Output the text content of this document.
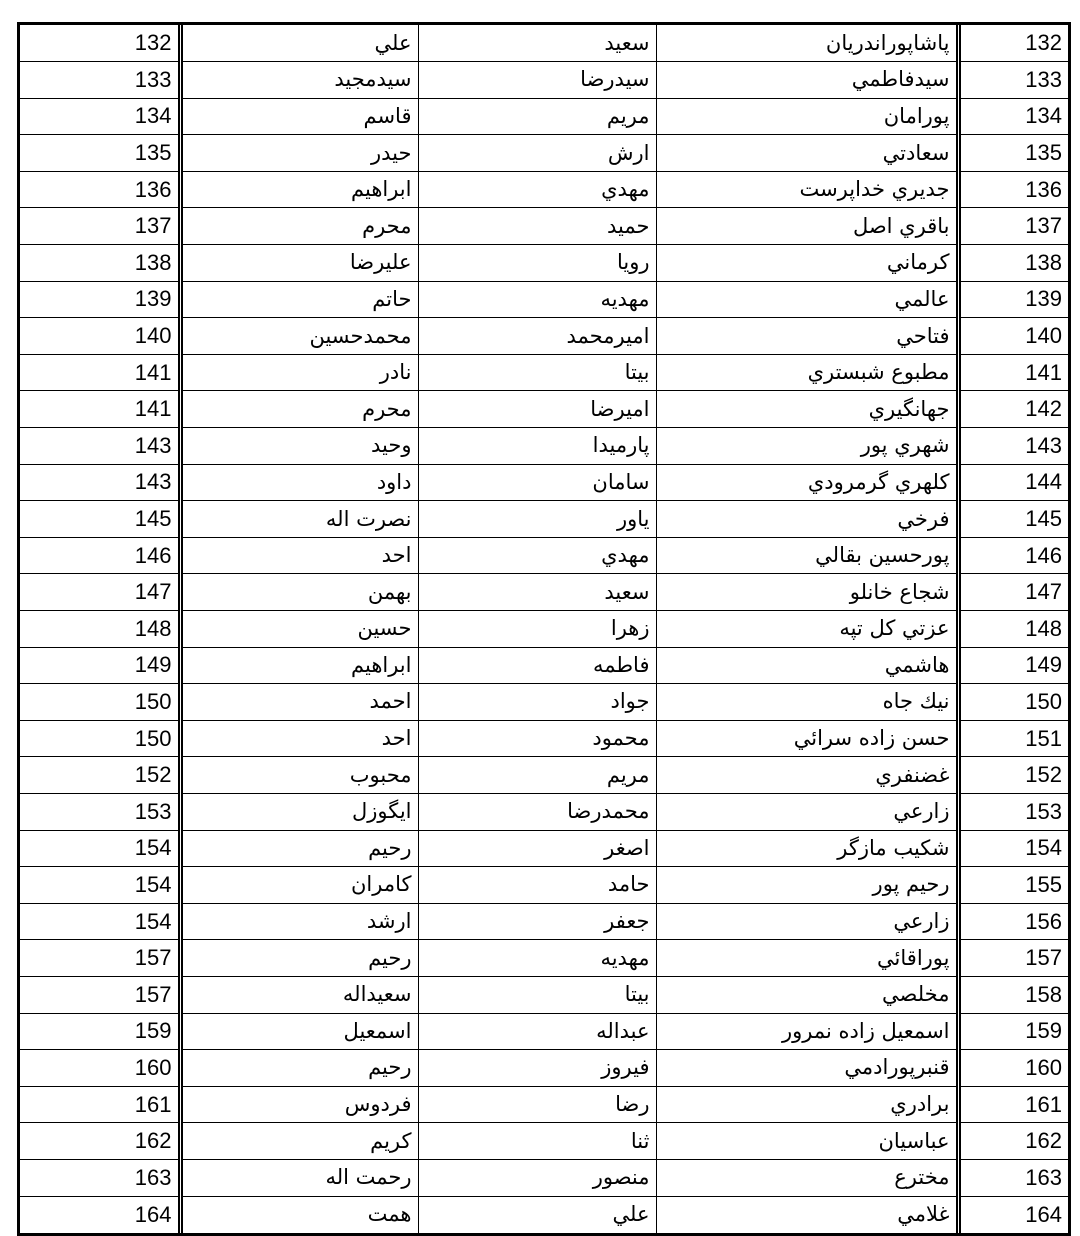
132	علي	سعيد	پاشاپوراندريان	132
133	سيدمجيد	سيدرضا	سيدفاطمي	133
134	قاسم	مريم	پورامان	134
135	حيدر	ارش	سعادتي	135
136	ابراهيم	مهدي	جديري خداپرست	136
137	محرم	حميد	باقري اصل	137
138	عليرضا	رويا	كرماني	138
139	حاتم	مهديه	عالمي	139
140	محمدحسين	اميرمحمد	فتاحي	140
141	نادر	بيتا	مطبوع شبستري	141
141	محرم	اميرضا	جهانگيري	142
143	وحيد	پارميدا	شهري پور	143
143	داود	سامان	كلهري گرمرودي	144
145	نصرت اله	ياور	فرخي	145
146	احد	مهدي	پورحسين بقالي	146
147	بهمن	سعيد	شجاع خانلو	147
148	حسين	زهرا	عزتي كل تپه	148
149	ابراهيم	فاطمه	هاشمي	149
150	احمد	جواد	نيك جاه	150
150	احد	محمود	حسن زاده سرائي	151
152	محبوب	مريم	غضنفري	152
153	ايگوزل	محمدرضا	زارعي	153
154	رحيم	اصغر	شكيب مازگر	154
154	كامران	حامد	رحيم پور	155
154	ارشد	جعفر	زارعي	156
157	رحيم	مهديه	پوراقائي	157
157	سعيداله	بيتا	مخلصي	158
159	اسمعيل	عبداله	اسمعيل زاده نمرور	159
160	رحيم	فيروز	قنبرپورادمي	160
161	فردوس	رضا	برادري	161
162	كريم	ثنا	عباسيان	162
163	رحمت اله	منصور	مخترع	163
164	همت	علي	غلامي	164
